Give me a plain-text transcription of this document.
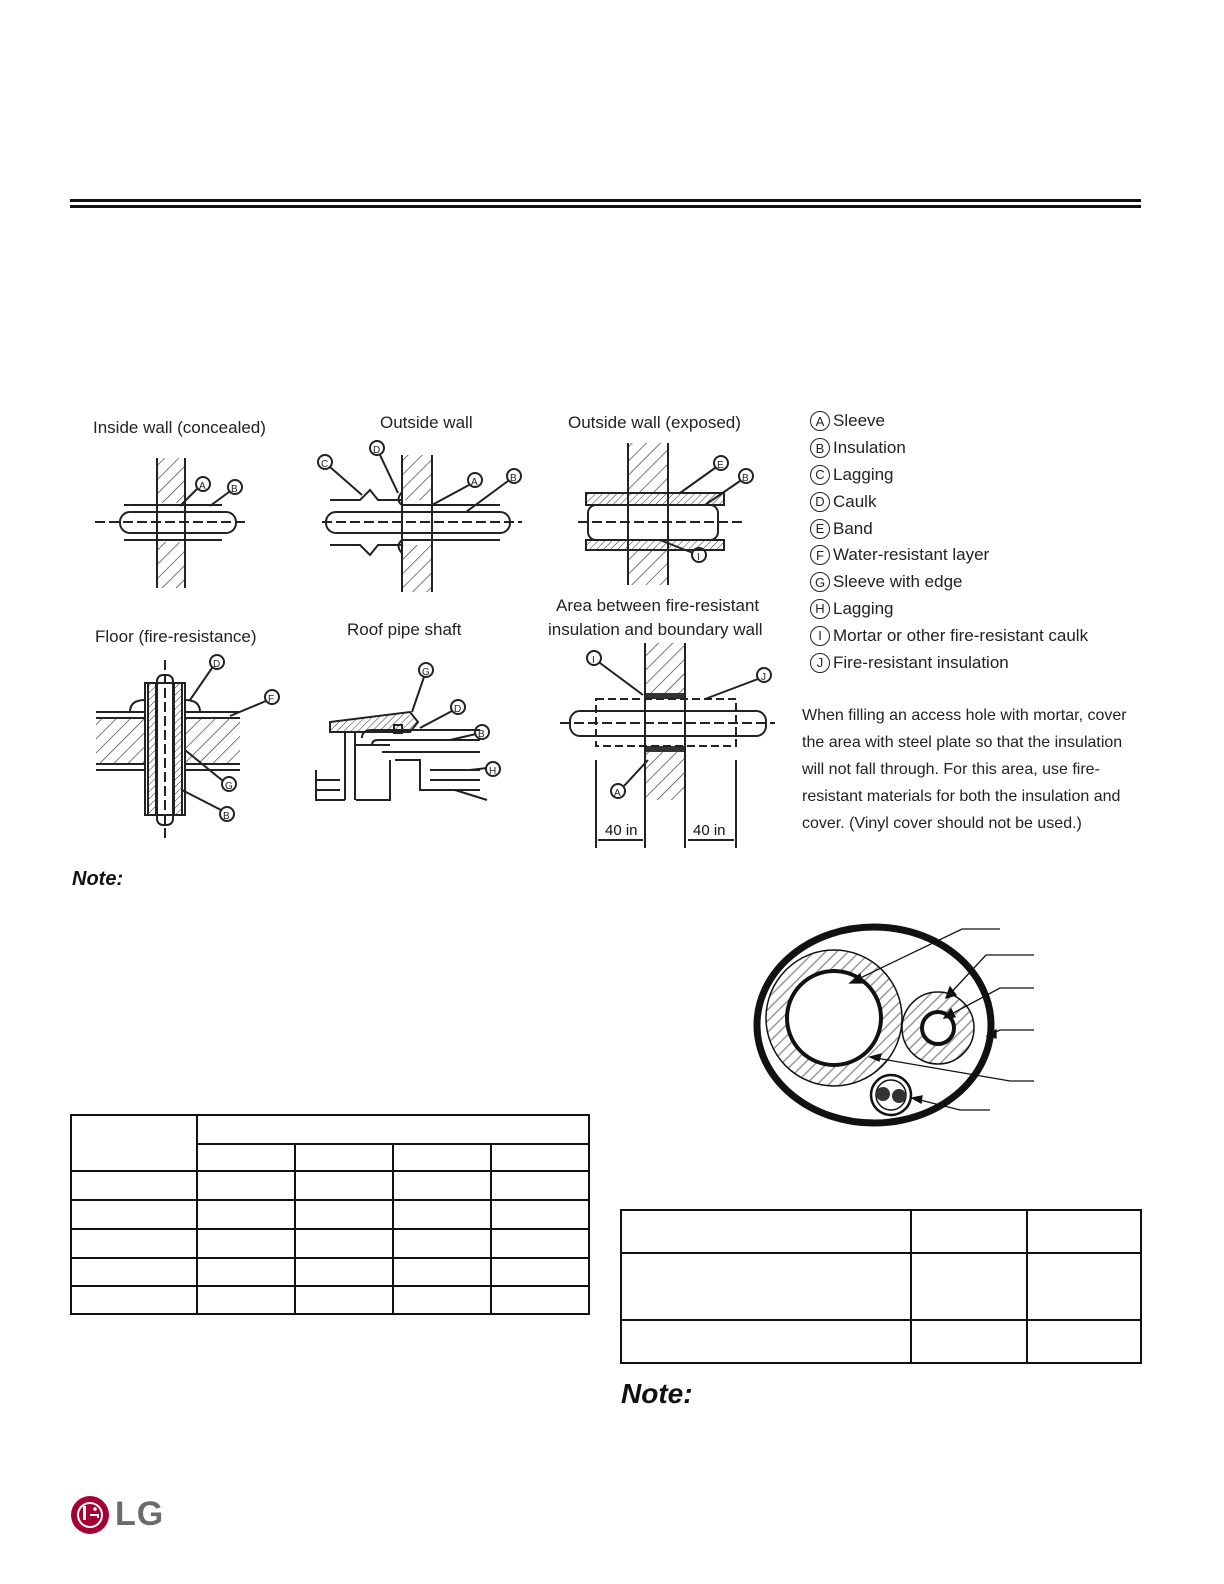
Inside wall (concealed)	Outside wall	Outside wall (exposed)
Floor (fire-resistance)	Roof pipe shaft
Area between fire-resistant
insulation and boundary wall
A	B
C
D
A	B
E
B
I
D
F
G
B
G
D
B
H
I
J
A
40 in	40 in
A Sleeve
B Insulation
C Lagging
D Caulk
E Band
F Water-resistant layer
G Sleeve with edge
H Lagging
I Mortar or other fire-resistant caulk
J Fire-resistant insulation
When filling an access hole with mortar, cover the area with steel plate so that the insulation will not fall through. For this area, use fire-resistant materials for both the insulation and cover. (Vinyl cover should not be used.)
Note:
Note:

LG
